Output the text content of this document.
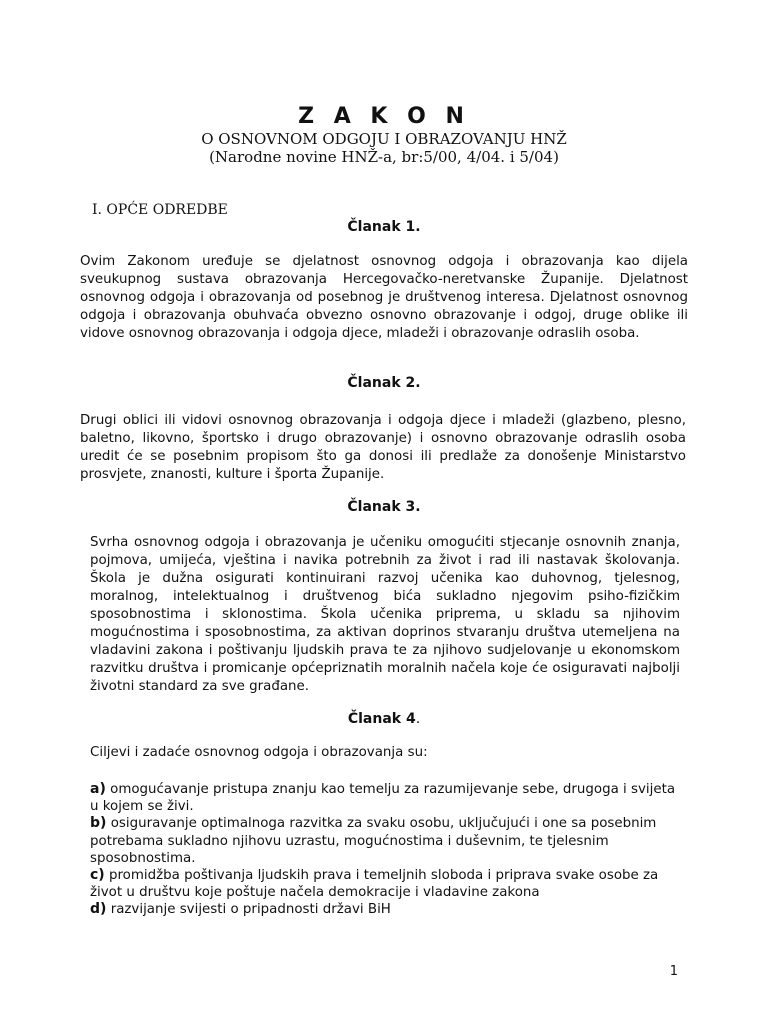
Z A K O N

O OSNOVNOM ODGOJU I OBRAZOVANJU HNŽ

(Narodne novine HNŽ-a, br:5/00, 4/04. i 5/04)

I. OPĆE ODREDBE

Članak 1.

Ovim Zakonom uređuje se djelatnost osnovnog odgoja i obrazovanja kao dijela sveukupnog sustava obrazovanja Hercegovačko-neretvanske Županije. Djelatnost osnovnog odgoja i obrazovanja od posebnog je društvenog interesa. Djelatnost osnovnog odgoja i obrazovanja obuhvaća obvezno osnovno obrazovanje i odgoj, druge oblike ili vidove osnovnog obrazovanja i odgoja djece, mladeži i obrazovanje odraslih osoba.

Članak 2.

Drugi oblici ili vidovi osnovnog obrazovanja i odgoja djece i mladeži (glazbeno, plesno, baletno, likovno, športsko i drugo obrazovanje) i osnovno obrazovanje odraslih osoba uredit će se posebnim propisom što ga donosi ili predlaže za donošenje Ministarstvo prosvjete, znanosti, kulture i športa Županije.

Članak 3.

Svrha osnovnog odgoja i obrazovanja je učeniku omogućiti stjecanje osnovnih znanja, pojmova, umijeća, vještina i navika potrebnih za život i rad ili nastavak školovanja. Škola je dužna osigurati kontinuirani razvoj učenika kao duhovnog, tjelesnog, moralnog, intelektualnog i društvenog bića sukladno njegovim psiho-fizičkim sposobnostima i sklonostima. Škola učenika priprema, u skladu sa njihovim mogućnostima i sposobnostima, za aktivan doprinos stvaranju društva utemeljena na vladavini zakona i poštivanju ljudskih prava te za njihovo sudjelovanje u ekonomskom razvitku društva i promicanje općepriznatih moralnih načela koje će osiguravati najbolji životni standard za sve građane.

Članak 4.

Ciljevi i zadaće osnovnog odgoja i obrazovanja su:

a) omogućavanje pristupa znanju kao temelju za razumijevanje sebe, drugoga i svijeta u kojem se živi.
b) osiguravanje optimalnoga razvitka za svaku osobu, uključujući i one sa posebnim potrebama sukladno njihovu uzrastu, mogućnostima i duševnim, te tjelesnim sposobnostima.
c) promidžba poštivanja ljudskih prava i temeljnih sloboda i priprava svake osobe za život u društvu koje poštuje načela demokracije i vladavine zakona
d) razvijanje svijesti o pripadnosti državi BiH

1
